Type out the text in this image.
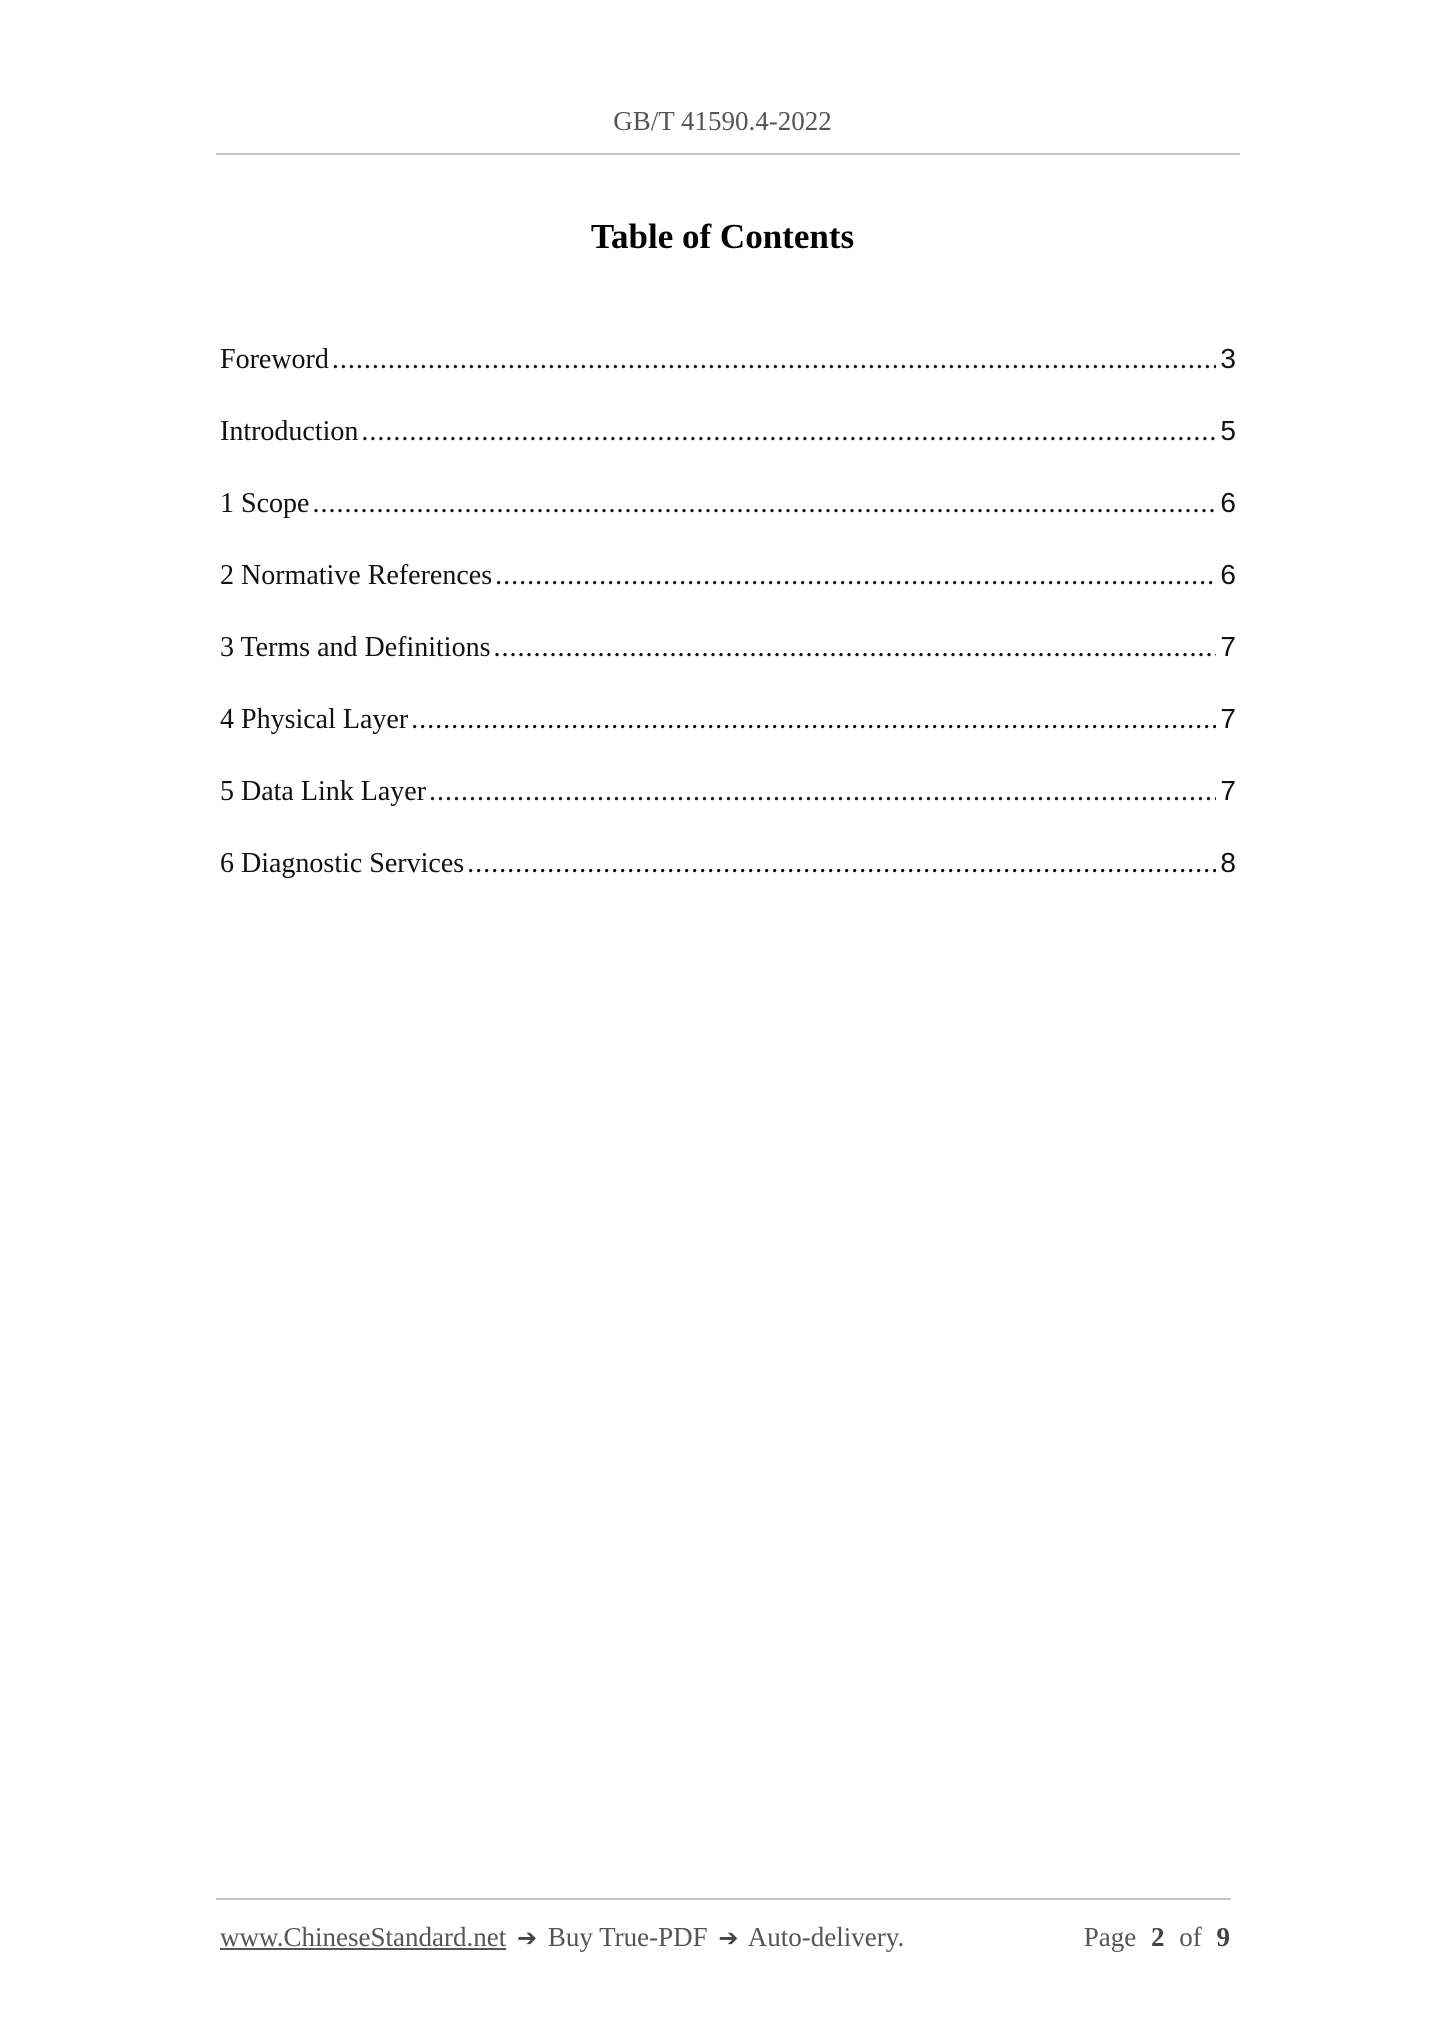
GB/T 41590.4-2022
Table of Contents
Foreword .....	3
Introduction .....	5
1 Scope .....	6
2 Normative References .....	6
3 Terms and Definitions .....	7
4 Physical Layer .....	7
5 Data Link Layer .....	7
6 Diagnostic Services .....	8
www.ChineseStandard.net ➔ Buy True-PDF ➔ Auto-delivery.	Page 2 of 9
